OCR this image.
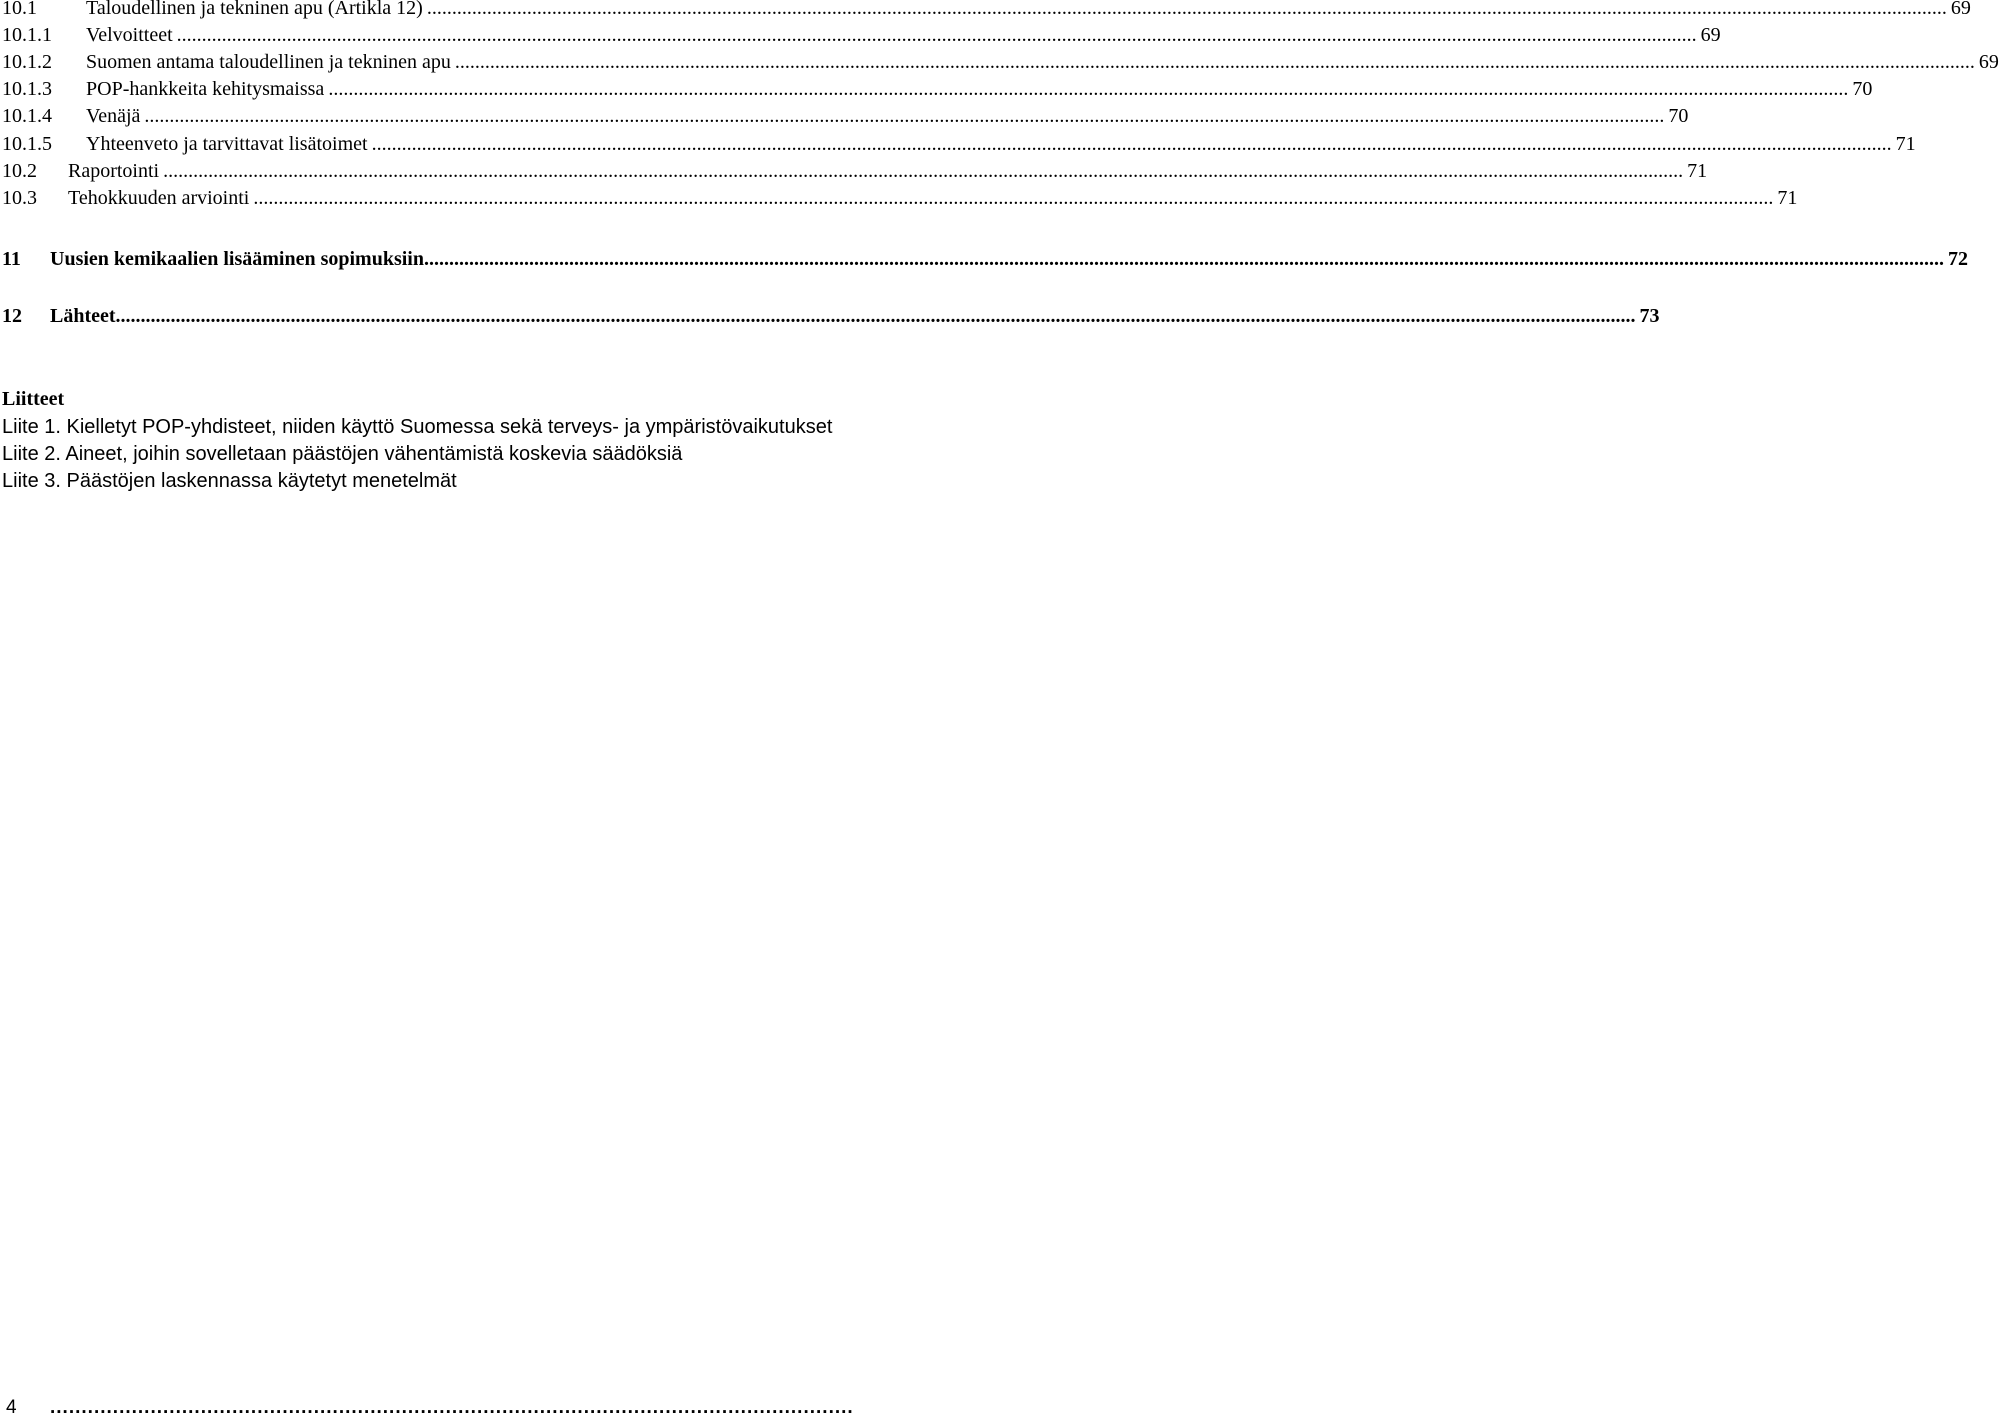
10.1	Taloudellinen ja tekninen apu (Artikla 12) .....	69
10.1.1	Velvoitteet .....	69
10.1.2	Suomen antama taloudellinen ja tekninen apu .....	69
10.1.3	POP-hankkeita kehitysmaissa .....	70
10.1.4	Venäjä .....	70
10.1.5	Yhteenveto ja tarvittavat lisätoimet .....	71
10.2	Raportointi .....	71
10.3	Tehokkuuden arviointi .....	71
11	Uusien kemikaalien lisääminen sopimuksiin .....	72
12	Lähteet .....	73
Liitteet
Liite 1. Kielletyt POP-yhdisteet, niiden käyttö Suomessa sekä terveys- ja ympäristövaikutukset
Liite 2. Aineet, joihin sovelletaan päästöjen vähentämistä koskevia säädöksiä
Liite 3. Päästöjen laskennassa käytetyt menetelmät
4	................................................................................................................................
